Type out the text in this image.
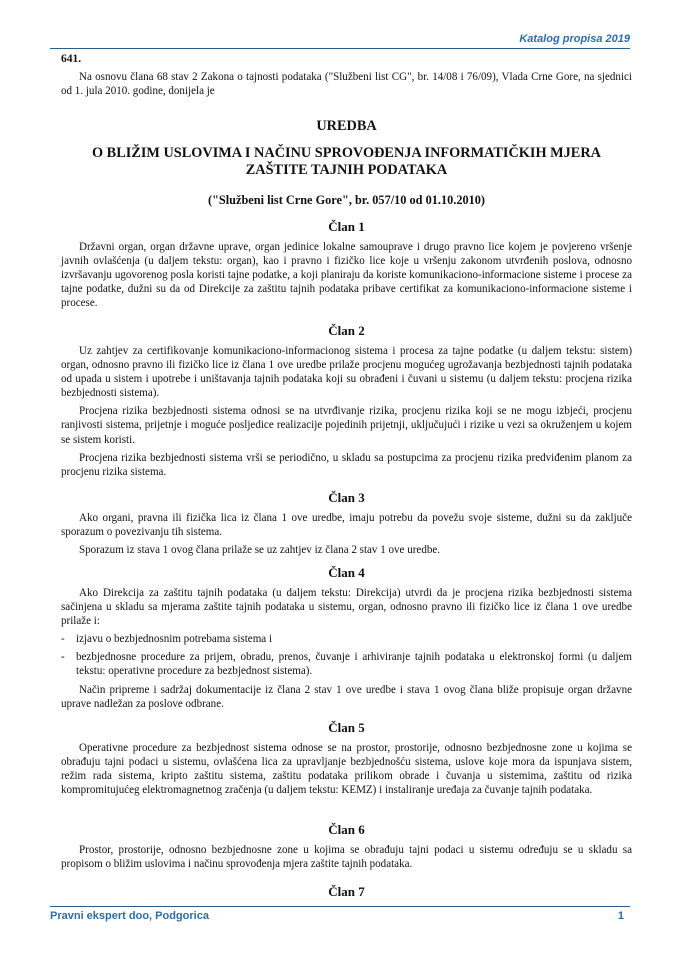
Katalog propisa 2019
641.

Na osnovu člana 68 stav 2 Zakona o tajnosti podataka ("Službeni list CG", br. 14/08 i 76/09), Vlada Crne Gore, na sjednici od 1. jula 2010. godine, donijela je

UREDBA
O BLIŽIM USLOVIMA I NAČINU SPROVOĐENJA INFORMATIČKIH MJERA ZAŠTITE TAJNIH PODATAKA
("Službeni list Crne Gore", br. 057/10 od 01.10.2010)
Član 1

Državni organ, organ državne uprave, organ jedinice lokalne samouprave i drugo pravno lice kojem je povjereno vršenje javnih ovlašćenja (u daljem tekstu: organ), kao i pravno i fizičko lice koje u vršenju zakonom utvrđenih poslova, odnosno izvršavanju ugovorenog posla koristi tajne podatke, a koji planiraju da koriste komunikaciono-informacione sisteme i procese za tajne podatke, dužni su da od Direkcije za zaštitu tajnih podataka pribave certifikat za komunikaciono-informacione sisteme i procese.

Član 2

Uz zahtjev za certifikovanje komunikaciono-informacionog sistema i procesa za tajne podatke (u daljem tekstu: sistem) organ, odnosno pravno ili fizičko lice iz člana 1 ove uredbe prilaže procjenu mogućeg ugrožavanja bezbjednosti tajnih podataka od upada u sistem i upotrebe i uništavanja tajnih podataka koji su obrađeni i čuvani u sistemu (u daljem tekstu: procjena rizika bezbjednosti sistema).

Procjena rizika bezbjednosti sistema odnosi se na utvrđivanje rizika, procjenu rizika koji se ne mogu izbjeći, procjenu ranjivosti sistema, prijetnje i moguće posljedice realizacije pojedinih prijetnji, uključujući i rizike u vezi sa okruženjem u kojem se sistem koristi.

Procjena rizika bezbjednosti sistema vrši se periodično, u skladu sa postupcima za procjenu rizika predviđenim planom za procjenu rizika sistema.

Član 3

Ako organi, pravna ili fizička lica iz člana 1 ove uredbe, imaju potrebu da povežu svoje sisteme, dužni su da zaključe sporazum o povezivanju tih sistema.

Sporazum iz stava 1 ovog člana prilaže se uz zahtjev iz člana 2 stav 1 ove uredbe.

Član 4

Ako Direkcija za zaštitu tajnih podataka (u daljem tekstu: Direkcija) utvrdi da je procjena rizika bezbjednosti sistema sačinjena u skladu sa mjerama zaštite tajnih podataka u sistemu, organ, odnosno pravno ili fizičko lice iz člana 1 ove uredbe prilaže i:

- izjavu o bezbjednosnim potrebama sistema i

- bezbjednosne procedure za prijem, obradu, prenos, čuvanje i arhiviranje tajnih podataka u elektronskoj formi (u daljem tekstu: operativne procedure za bezbjednost sistema).

Način pripreme i sadržaj dokumentacije iz člana 2 stav 1 ove uredbe i stava 1 ovog člana bliže propisuje organ državne uprave nadležan za poslove odbrane.

Član 5

Operativne procedure za bezbjednost sistema odnose se na prostor, prostorije, odnosno bezbjednosne zone u kojima se obrađuju tajni podaci u sistemu, ovlašćena lica za upravljanje bezbjednošću sistema, uslove koje mora da ispunjava sistem, režim rada sistema, kripto zaštitu sistema, zaštitu podataka prilikom obrade i čuvanja u sistemima, zaštitu od rizika kompromitujućeg elektromagnetnog zračenja (u daljem tekstu: KEMZ) i instaliranje uređaja za čuvanje tajnih podataka.

Član 6

Prostor, prostorije, odnosno bezbjednosne zone u kojima se obrađuju tajni podaci u sistemu određuju se u skladu sa propisom o bližim uslovima i načinu sprovođenja mjera zaštite tajnih podataka.

Član 7
Pravni ekspert doo, Podgorica	1
